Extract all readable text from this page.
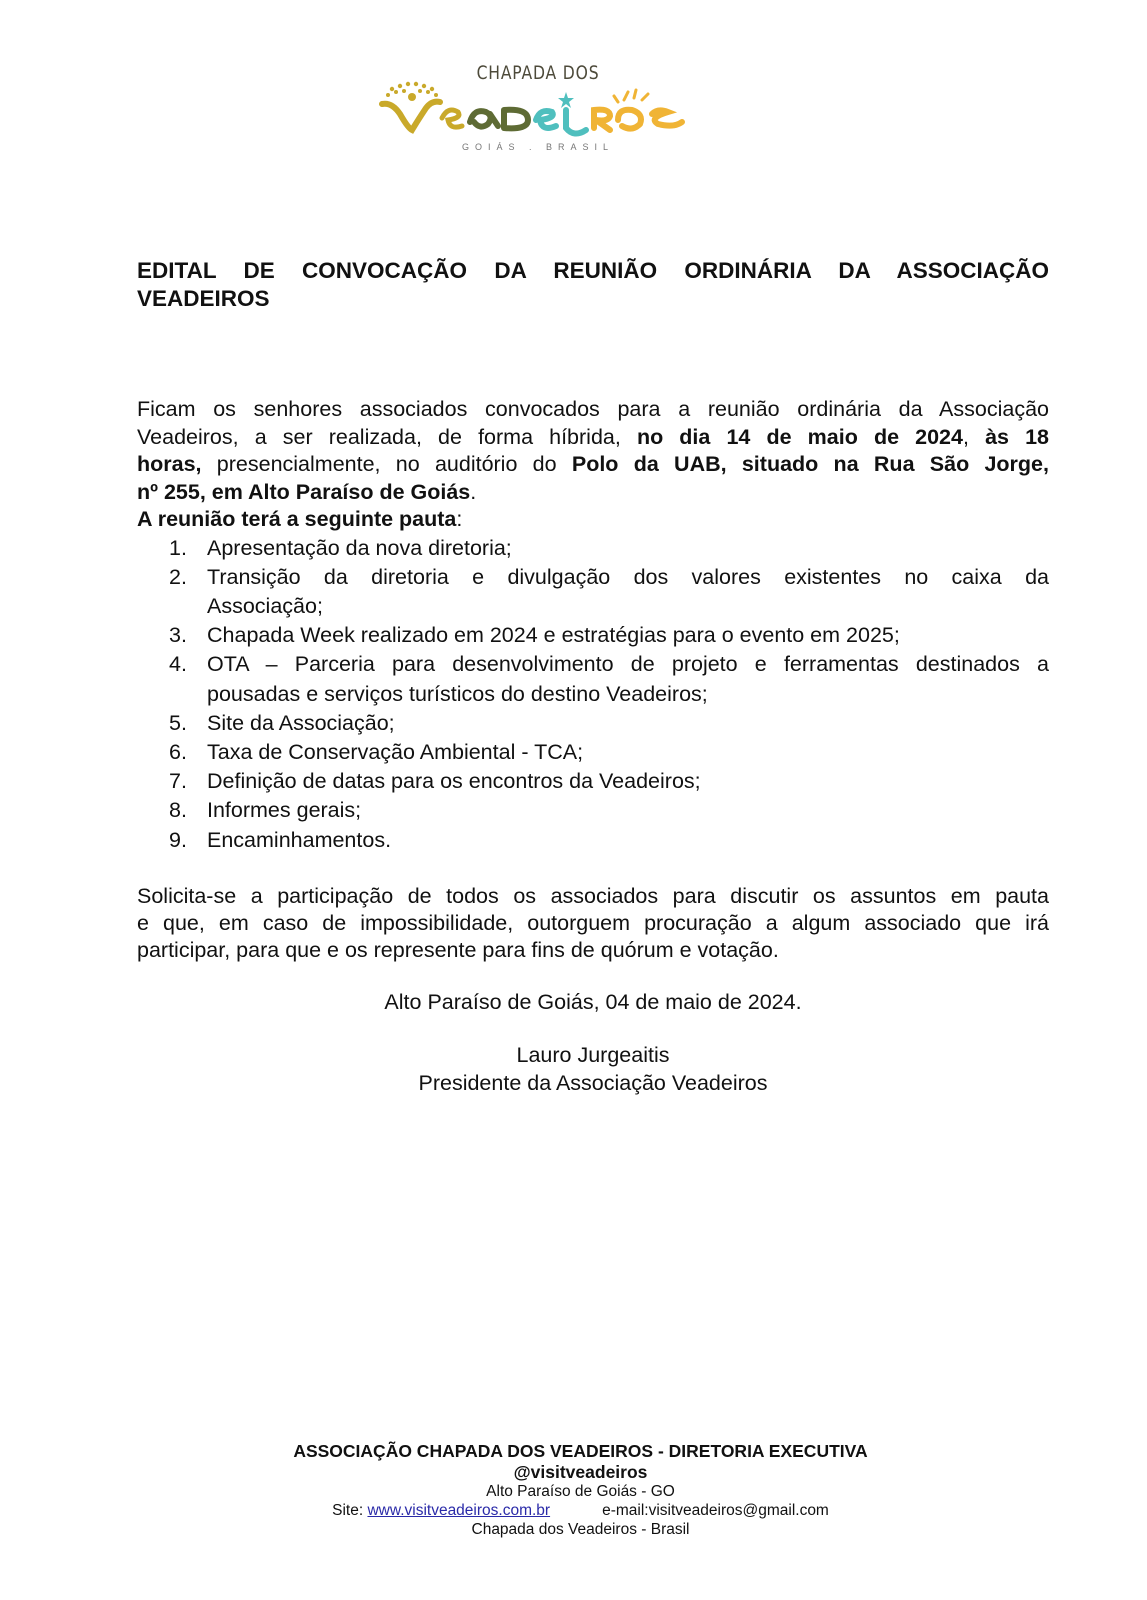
CHAPADA DOS
GOIÁS . BRASIL
EDITAL DE CONVOCAÇÃO DA REUNIÃO ORDINÁRIA DA ASSOCIAÇÃO
VEADEIROS
Ficam os senhores associados convocados para a reunião ordinária da Associação
Veadeiros, a ser realizada, de forma híbrida, no dia 14 de maio de 2024, às 18
horas, presencialmente, no auditório do Polo da UAB, situado na Rua São Jorge,
nº 255, em Alto Paraíso de Goiás.
A reunião terá a seguinte pauta:
1. Apresentação da nova diretoria;
2. Transição da diretoria e divulgação dos valores existentes no caixa da
Associação;
3. Chapada Week realizado em 2024 e estratégias para o evento em 2025;
4. OTA – Parceria para desenvolvimento de projeto e ferramentas destinados a
pousadas e serviços turísticos do destino Veadeiros;
5. Site da Associação;
6. Taxa de Conservação Ambiental - TCA;
7. Definição de datas para os encontros da Veadeiros;
8. Informes gerais;
9. Encaminhamentos.
Solicita-se a participação de todos os associados para discutir os assuntos em pauta
e que, em caso de impossibilidade, outorguem procuração a algum associado que irá
participar, para que e os represente para fins de quórum e votação.
Alto Paraíso de Goiás, 04 de maio de 2024.
Lauro Jurgeaitis
Presidente da Associação Veadeiros
ASSOCIAÇÃO CHAPADA DOS VEADEIROS - DIRETORIA EXECUTIVA
@visitveadeiros
Alto Paraíso de Goiás - GO
Site: www.visitveadeiros.com.br	e-mail:visitveadeiros@gmail.com
Chapada dos Veadeiros - Brasil
